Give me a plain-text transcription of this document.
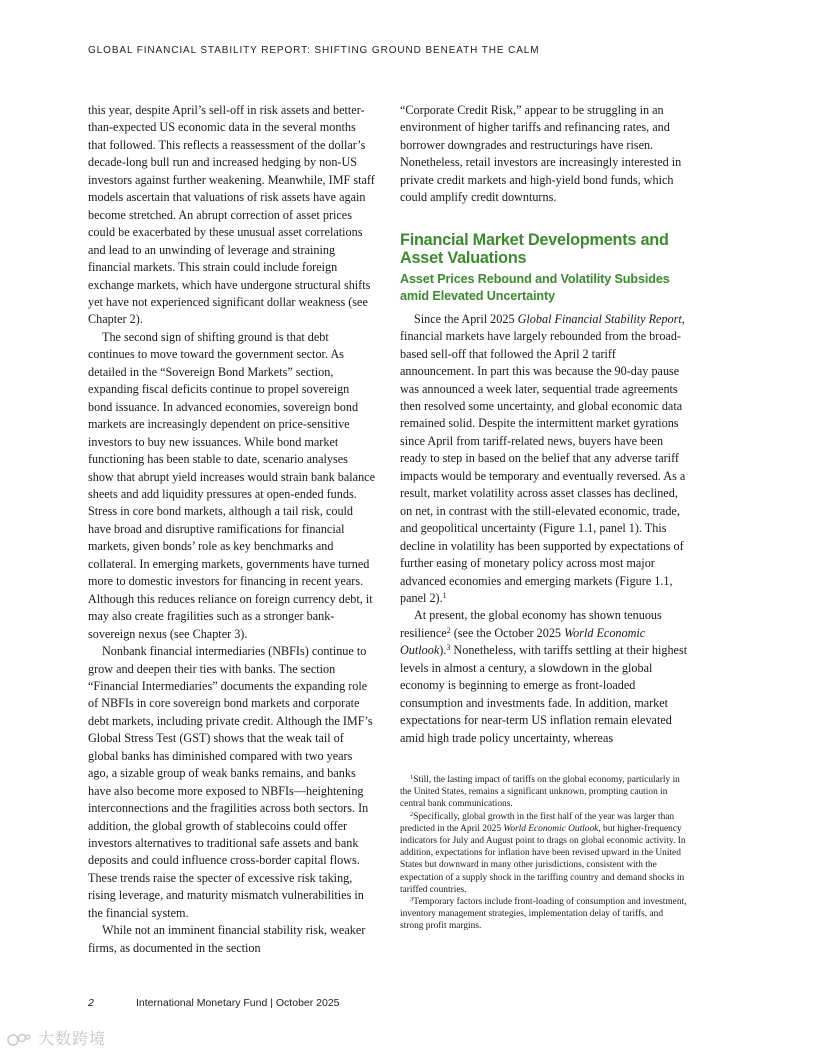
GLOBAL FINANCIAL STABILITY REPORT: SHIFTING GROUND BENEATH THE CALM

this year, despite April’s sell-off in risk assets and better-than-expected US economic data in the several months that followed. This reflects a reassessment of the dollar’s decade-long bull run and increased hedging by non-US investors against further weakening. Meanwhile, IMF staff models ascertain that valuations of risk assets have again become stretched. An abrupt correction of asset prices could be exacerbated by these unusual asset correlations and lead to an unwinding of leverage and straining financial markets. This strain could include foreign exchange markets, which have undergone structural shifts yet have not experienced significant dollar weakness (see Chapter 2).

The second sign of shifting ground is that debt continues to move toward the government sector. As detailed in the “Sovereign Bond Markets” section, expanding fiscal deficits continue to propel sovereign bond issuance. In advanced economies, sovereign bond markets are increasingly dependent on price-sensitive investors to buy new issuances. While bond market functioning has been stable to date, scenario analyses show that abrupt yield increases would strain bank balance sheets and add liquidity pressures at open-ended funds. Stress in core bond markets, although a tail risk, could have broad and disruptive ramifications for financial markets, given bonds’ role as key benchmarks and collateral. In emerging markets, governments have turned more to domestic investors for financing in recent years. Although this reduces reliance on foreign currency debt, it may also create fragilities such as a stronger bank-sovereign nexus (see Chapter 3).

Nonbank financial intermediaries (NBFIs) continue to grow and deepen their ties with banks. The section “Financial Intermediaries” documents the expanding role of NBFIs in core sovereign bond markets and corporate debt markets, including private credit. Although the IMF’s Global Stress Test (GST) shows that the weak tail of global banks has diminished compared with two years ago, a sizable group of weak banks remains, and banks have also become more exposed to NBFIs—heightening interconnections and the fragilities across both sectors. In addition, the global growth of stablecoins could offer investors alternatives to traditional safe assets and bank deposits and could influence cross-border capital flows. These trends raise the specter of excessive risk taking, rising leverage, and maturity mismatch vulnerabilities in the financial system.

While not an imminent financial stability risk, weaker firms, as documented in the section

“Corporate Credit Risk,” appear to be struggling in an environment of higher tariffs and refinancing rates, and borrower downgrades and restructurings have risen. Nonetheless, retail investors are increasingly interested in private credit markets and high-yield bond funds, which could amplify credit downturns.

Financial Market Developments and Asset Valuations
Asset Prices Rebound and Volatility Subsides amid Elevated Uncertainty

Since the April 2025 Global Financial Stability Report, financial markets have largely rebounded from the broad-based sell-off that followed the April 2 tariff announcement. In part this was because the 90-day pause was announced a week later, sequential trade agreements then resolved some uncertainty, and global economic data remained solid. Despite the intermittent market gyrations since April from tariff-related news, buyers have been ready to step in based on the belief that any adverse tariff impacts would be temporary and eventually reversed. As a result, market volatility across asset classes has declined, on net, in contrast with the still-elevated economic, trade, and geopolitical uncertainty (Figure 1.1, panel 1). This decline in volatility has been supported by expectations of further easing of monetary policy across most major advanced economies and emerging markets (Figure 1.1, panel 2).$^1$

At present, the global economy has shown tenuous resilience$^2$ (see the October 2025 World Economic Outlook).$^3$ Nonetheless, with tariffs settling at their highest levels in almost a century, a slowdown in the global economy is beginning to emerge as front-loaded consumption and investments fade. In addition, market expectations for near-term US inflation remain elevated amid high trade policy uncertainty, whereas

$^1$Still, the lasting impact of tariffs on the global economy, particularly in the United States, remains a significant unknown, prompting caution in central bank communications.

$^2$Specifically, global growth in the first half of the year was larger than predicted in the April 2025 World Economic Outlook, but higher-frequency indicators for July and August point to drags on global economic activity. In addition, expectations for inflation have been revised upward in the United States but downward in many other jurisdictions, consistent with the expectation of a supply shock in the tariffing country and demand shocks in tariffed countries.

$^3$Temporary factors include front-loading of consumption and investment, inventory management strategies, implementation delay of tariffs, and strong profit margins.

2	International Monetary Fund | October 2025
大数跨境
